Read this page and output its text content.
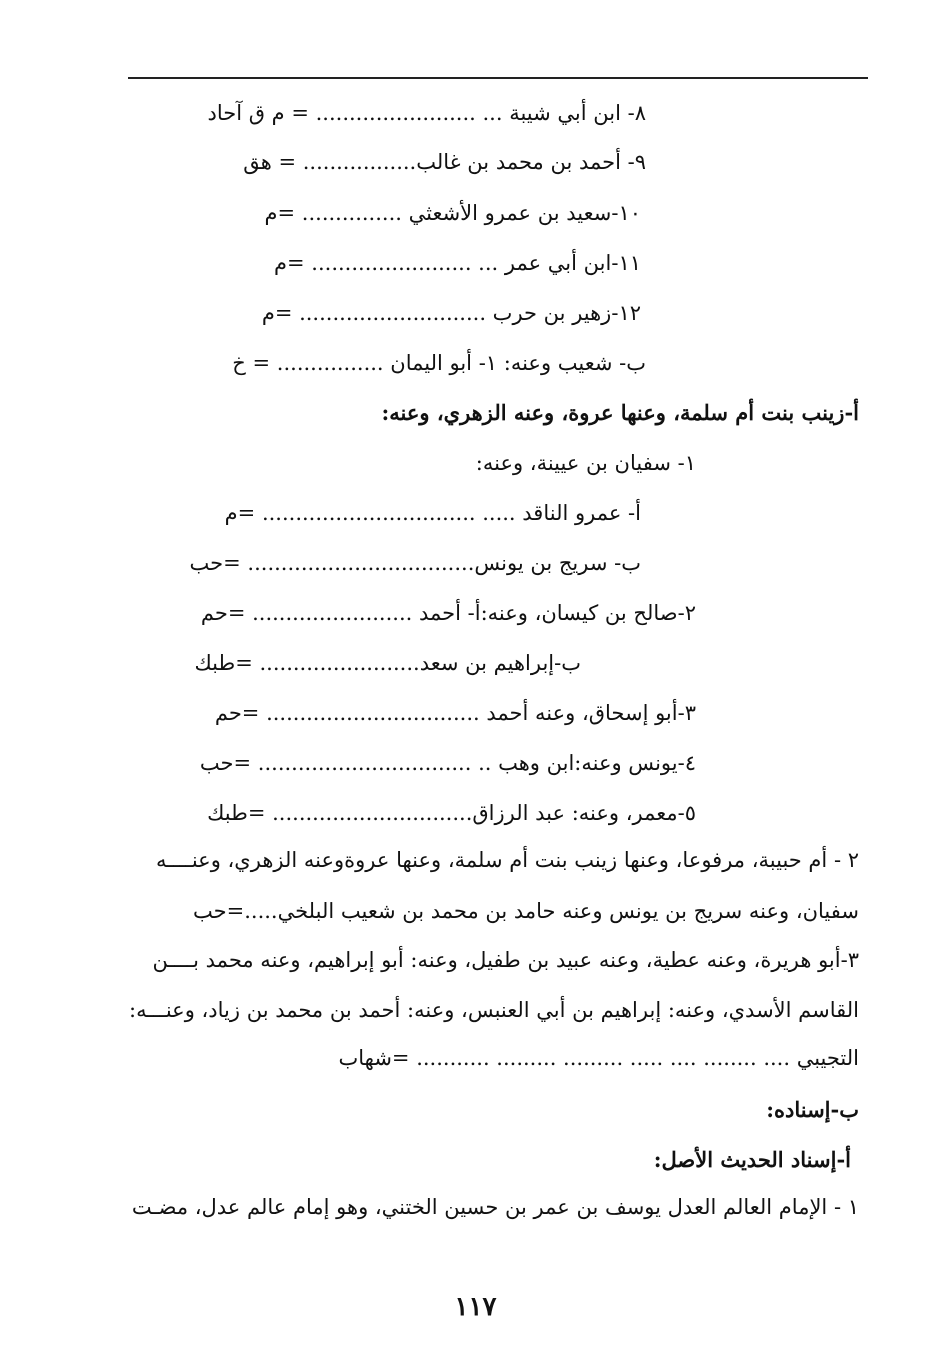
٨- ابن أبي شيبة ... ........................ = م ق آحاد
٩- أحمد بن محمد بن غالب................. = هق
١٠-سعيد بن عمرو الأشعثي ............... =م
١١-ابن أبي عمر ... ........................ =م
١٢-زهير بن حرب ............................ =م
ب- شعيب وعنه: ١- أبو اليمان ................ = خ
أ-زينب بنت أم سلمة، وعنها عروة، وعنه الزهري، وعنه:
١- سفيان بن عيينة، وعنه:
أ- عمرو الناقد ..... ................................ =م
ب- سريج بن يونس.................................. =حب
٢-صالح بن كيسان، وعنه:أ- أحمد ........................ =حم
ب-إبراهيم بن سعد........................ =طبك
٣-أبو إسحاق، وعنه أحمد ................................ =حم
٤-يونس وعنه:ابن وهب .. ................................ =حب
٥-معمر، وعنه: عبد الرزاق.............................. =طبك
٢ - أم حبيبة، مرفوعا، وعنها زينب بنت أم سلمة، وعنها عروةوعنه الزهري، وعنــــه
سفيان، وعنه سريج بن يونس وعنه حامد بن محمد بن شعيب البلخي.....=حب
٣-أبو هريرة، وعنه عطية، وعنه عبيد بن طفيل، وعنه: أبو إبراهيم، وعنه محمد بــــن
القاسم الأسدي، وعنه: إبراهيم بن أبي العنبس، وعنه: أحمد بن محمد بن زياد، وعنـــه:
التجيبي .... ........ .... ..... ......... ......... ........... =شهاب
ب-إسناده:
أ-إسناد الحديث الأصل:
١ - الإمام العالم العدل يوسف بن عمر بن حسين الختني، وهو إمام عالم عدل، مضـت
١١٧
